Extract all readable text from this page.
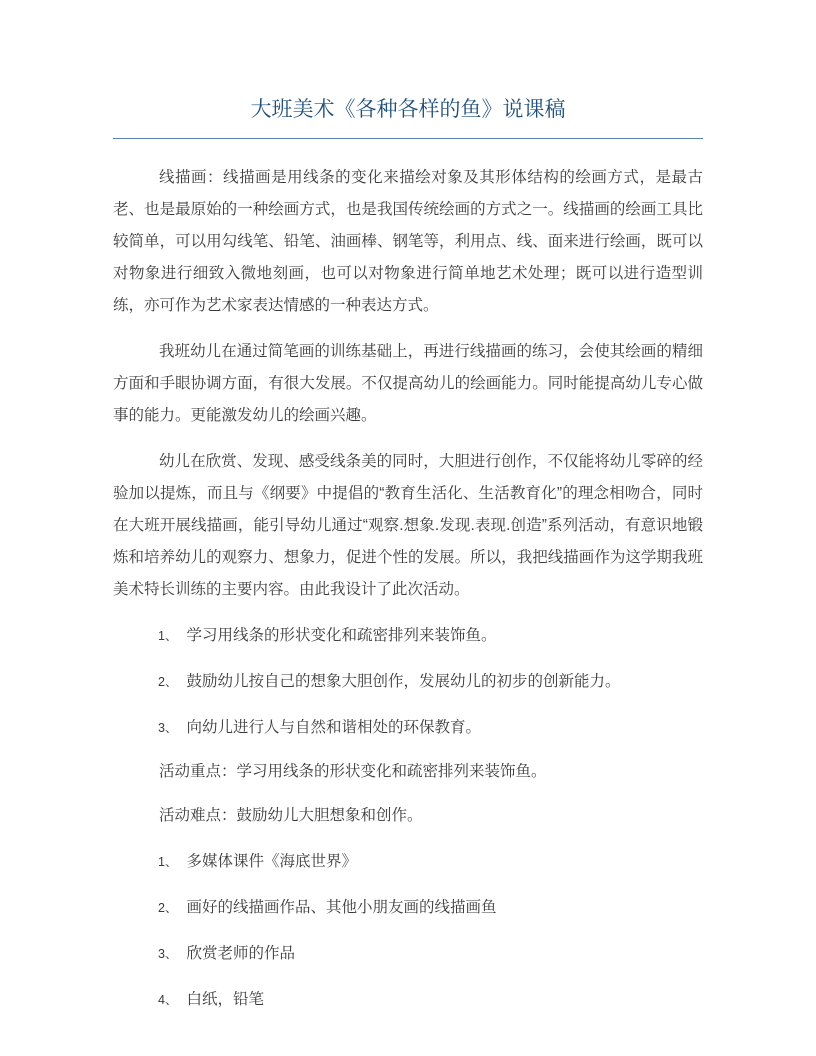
大班美术《各种各样的鱼》说课稿

线描画：线描画是用线条的变化来描绘对象及其形体结构的绘画方式，是最古老、也是最原始的一种绘画方式，也是我国传统绘画的方式之一。线描画的绘画工具比较简单，可以用勾线笔、铅笔、油画棒、钢笔等，利用点、线、面来进行绘画，既可以对物象进行细致入微地刻画，也可以对物象进行简单地艺术处理；既可以进行造型训练，亦可作为艺术家表达情感的一种表达方式。

我班幼儿在通过简笔画的训练基础上，再进行线描画的练习，会使其绘画的精细方面和手眼协调方面，有很大发展。不仅提高幼儿的绘画能力。同时能提高幼儿专心做事的能力。更能激发幼儿的绘画兴趣。

幼儿在欣赏、发现、感受线条美的同时，大胆进行创作，不仅能将幼儿零碎的经验加以提炼，而且与《纲要》中提倡的“教育生活化、生活教育化”的理念相吻合，同时在大班开展线描画，能引导幼儿通过“观察.想象.发现.表现.创造”系列活动，有意识地锻炼和培养幼儿的观察力、想象力，促进个性的发展。所以，我把线描画作为这学期我班美术特长训练的主要内容。由此我设计了此次活动。

1、 学习用线条的形状变化和疏密排列来装饰鱼。
2、 鼓励幼儿按自己的想象大胆创作，发展幼儿的初步的创新能力。
3、 向幼儿进行人与自然和谐相处的环保教育。

活动重点：学习用线条的形状变化和疏密排列来装饰鱼。

活动难点：鼓励幼儿大胆想象和创作。

1、 多媒体课件《海底世界》
2、 画好的线描画作品、其他小朋友画的线描画鱼
3、 欣赏老师的作品
4、 白纸，铅笔
